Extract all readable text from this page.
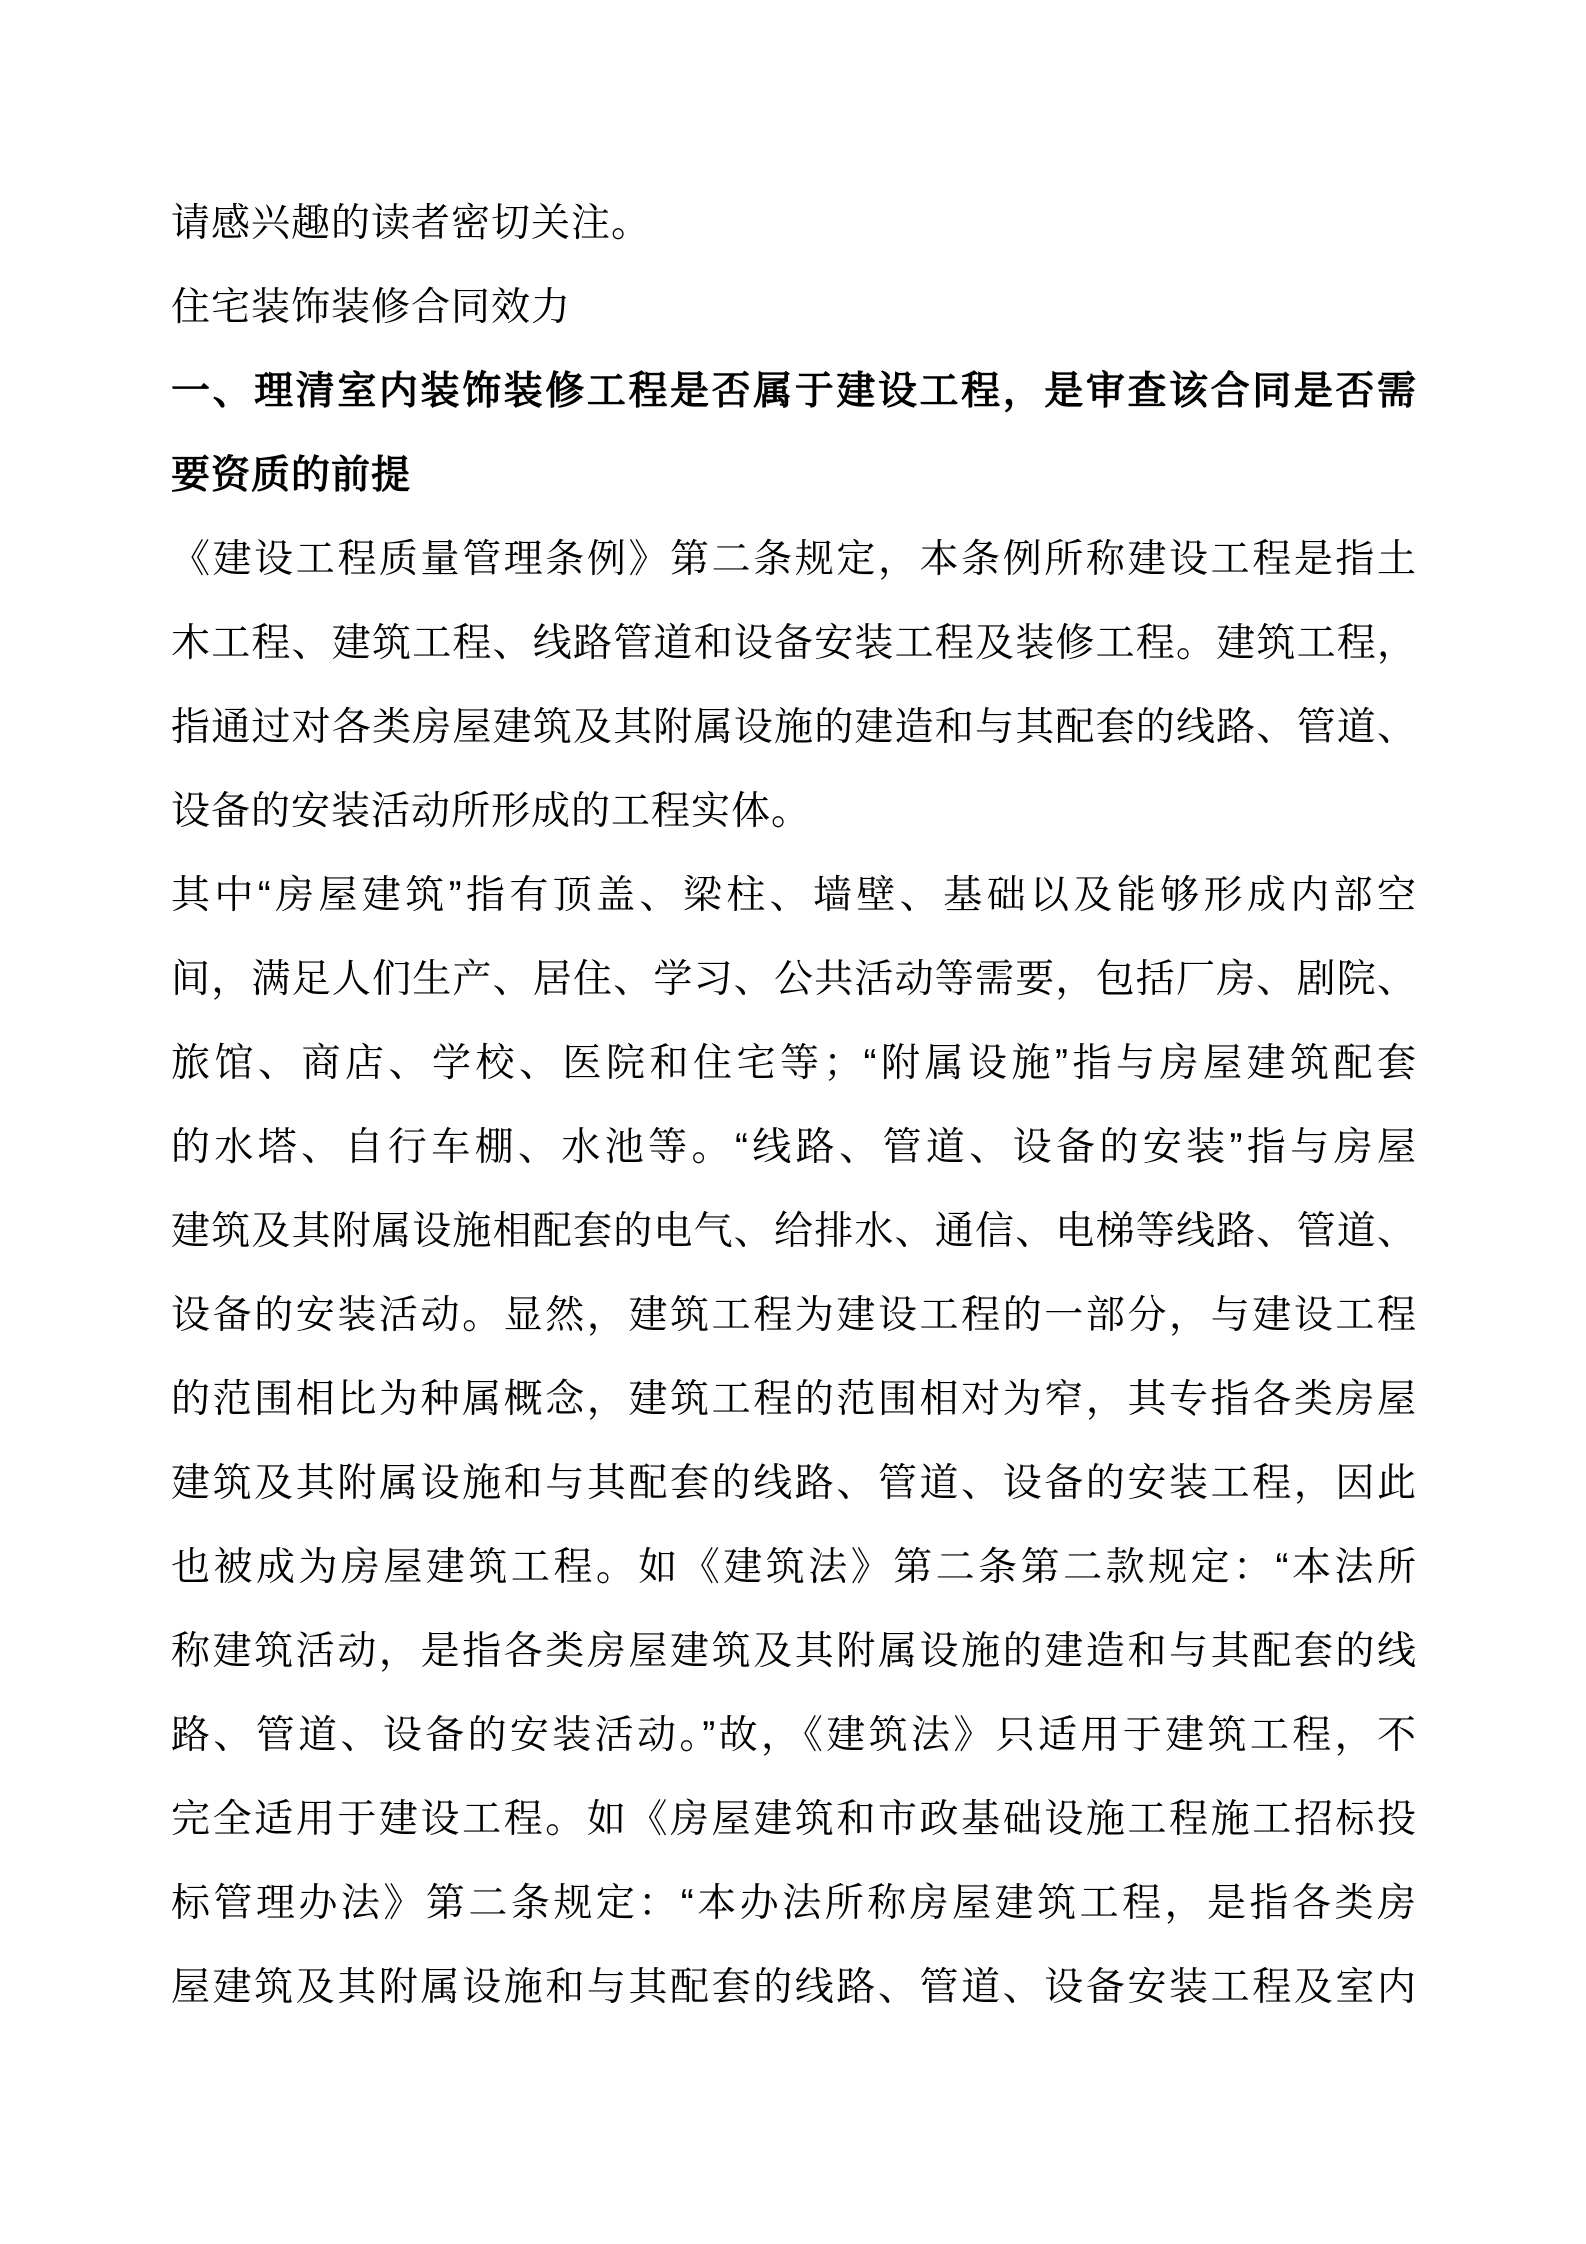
请感兴趣的读者密切关注。
住宅装饰装修合同效力
一、理清室内装饰装修工程是否属于建设工程，是审查该合同是否需
要资质的前提
《建设工程质量管理条例》第二条规定，本条例所称建设工程是指土
木工程、建筑工程、线路管道和设备安装工程及装修工程。建筑工程，
指通过对各类房屋建筑及其附属设施的建造和与其配套的线路、管道、
设备的安装活动所形成的工程实体。
其中“房屋建筑”指有顶盖、梁柱、墙壁、基础以及能够形成内部空
间，满足人们生产、居住、学习、公共活动等需要，包括厂房、剧院、
旅馆、商店、学校、医院和住宅等；“附属设施”指与房屋建筑配套
的水塔、自行车棚、水池等。“线路、管道、设备的安装”指与房屋
建筑及其附属设施相配套的电气、给排水、通信、电梯等线路、管道、
设备的安装活动。显然，建筑工程为建设工程的一部分，与建设工程
的范围相比为种属概念，建筑工程的范围相对为窄，其专指各类房屋
建筑及其附属设施和与其配套的线路、管道、设备的安装工程，因此
也被成为房屋建筑工程。如《建筑法》第二条第二款规定：“本法所
称建筑活动，是指各类房屋建筑及其附属设施的建造和与其配套的线
路、管道、设备的安装活动。”故，《建筑法》只适用于建筑工程，不
完全适用于建设工程。如《房屋建筑和市政基础设施工程施工招标投
标管理办法》第二条规定：“本办法所称房屋建筑工程，是指各类房
屋建筑及其附属设施和与其配套的线路、管道、设备安装工程及室内
